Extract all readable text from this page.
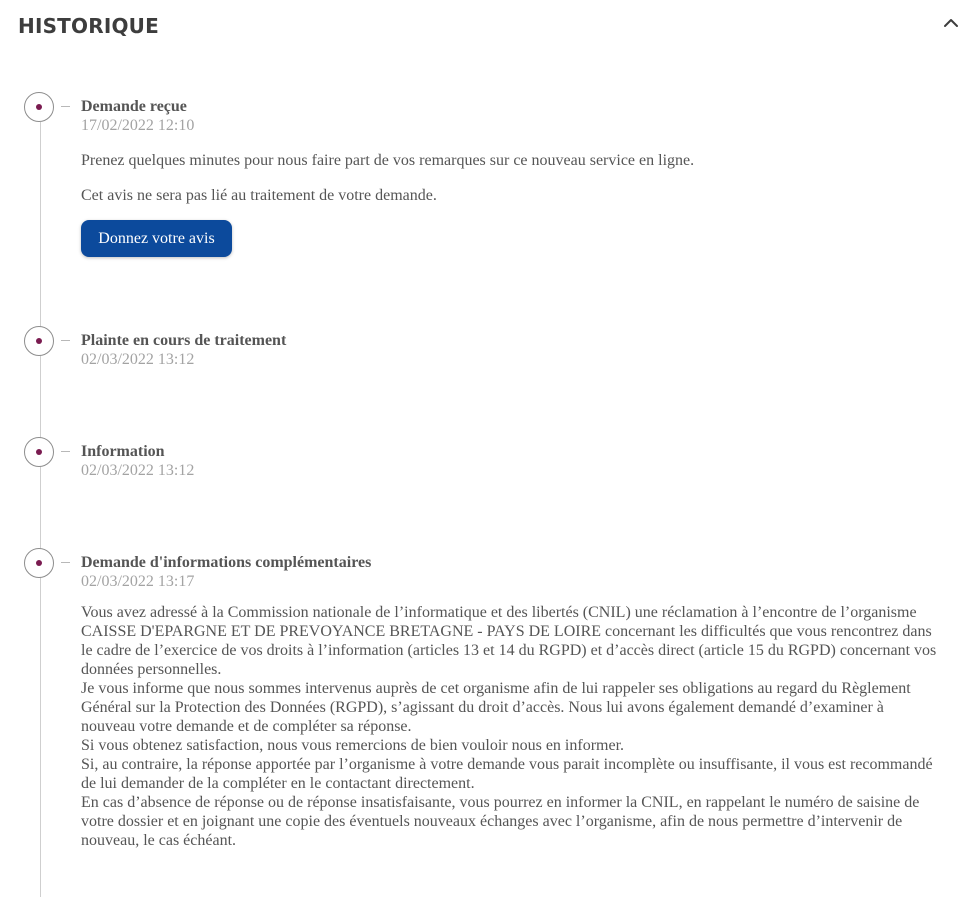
HISTORIQUE
Demande reçue
17/02/2022 12:10
Prenez quelques minutes pour nous faire part de vos remarques sur ce nouveau service en ligne.
Cet avis ne sera pas lié au traitement de votre demande.
Donnez votre avis
Plainte en cours de traitement
02/03/2022 13:12
Information
02/03/2022 13:12
Demande d'informations complémentaires
02/03/2022 13:17

Vous avez adressé à la Commission nationale de l’informatique et des libertés (CNIL) une réclamation à l’encontre de l’organisme

CAISSE D'EPARGNE ET DE PREVOYANCE BRETAGNE - PAYS DE LOIRE concernant les difficultés que vous rencontrez dans

le cadre de l’exercice de vos droits à l’information (articles 13 et 14 du RGPD) et d’accès direct (article 15 du RGPD) concernant vos

données personnelles.

Je vous informe que nous sommes intervenus auprès de cet organisme afin de lui rappeler ses obligations au regard du Règlement

Général sur la Protection des Données (RGPD), s’agissant du droit d’accès. Nous lui avons également demandé d’examiner à

nouveau votre demande et de compléter sa réponse.

Si vous obtenez satisfaction, nous vous remercions de bien vouloir nous en informer.

Si, au contraire, la réponse apportée par l’organisme à votre demande vous parait incomplète ou insuffisante, il vous est recommandé

de lui demander de la compléter en le contactant directement.

En cas d’absence de réponse ou de réponse insatisfaisante, vous pourrez en informer la CNIL, en rappelant le numéro de saisine de

votre dossier et en joignant une copie des éventuels nouveaux échanges avec l’organisme, afin de nous permettre d’intervenir de

nouveau, le cas échéant.
